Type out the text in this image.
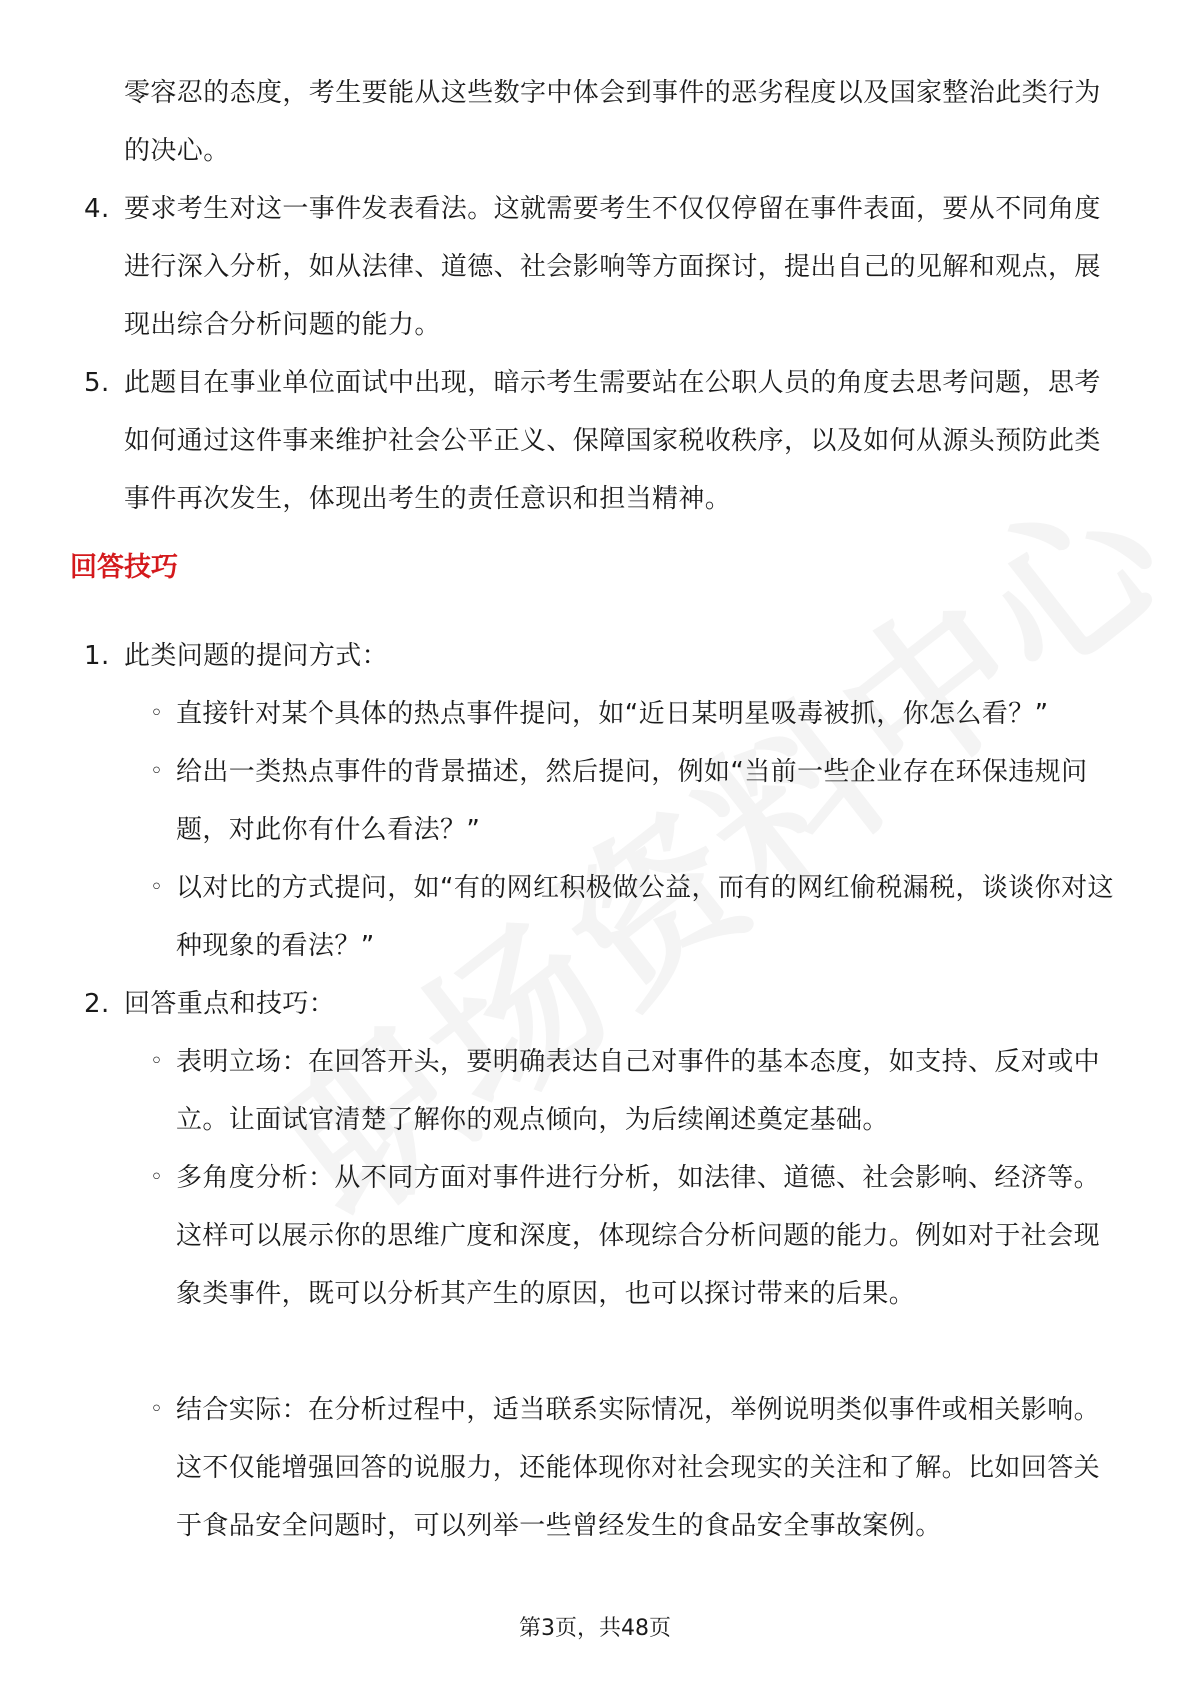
零容忍的态度，考生要能从这些数字中体会到事件的恶劣程度以及国家整治此类行为的决心。
4. 要求考生对这一事件发表看法。这就需要考生不仅仅停留在事件表面，要从不同角度进行深入分析，如从法律、道德、社会影响等方面探讨，提出自己的见解和观点，展现出综合分析问题的能力。
5. 此题目在事业单位面试中出现，暗示考生需要站在公职人员的角度去思考问题，思考如何通过这件事来维护社会公平正义、保障国家税收秩序，以及如何从源头预防此类事件再次发生，体现出考生的责任意识和担当精神。
回答技巧
1. 此类问题的提问方式：
◦ 直接针对某个具体的热点事件提问，如“近日某明星吸毒被抓，你怎么看？”
◦ 给出一类热点事件的背景描述，然后提问，例如“当前一些企业存在环保违规问题，对此你有什么看法？”
◦ 以对比的方式提问，如“有的网红积极做公益，而有的网红偷税漏税，谈谈你对这种现象的看法？”
2. 回答重点和技巧：
◦ 表明立场：在回答开头，要明确表达自己对事件的基本态度，如支持、反对或中立。让面试官清楚了解你的观点倾向，为后续阐述奠定基础。
◦ 多角度分析：从不同方面对事件进行分析，如法律、道德、社会影响、经济等。这样可以展示你的思维广度和深度，体现综合分析问题的能力。例如对于社会现象类事件，既可以分析其产生的原因，也可以探讨带来的后果。
◦ 结合实际：在分析过程中，适当联系实际情况，举例说明类似事件或相关影响。这不仅能增强回答的说服力，还能体现你对社会现实的关注和了解。比如回答关于食品安全问题时，可以列举一些曾经发生的食品安全事故案例。
第3页，共48页
